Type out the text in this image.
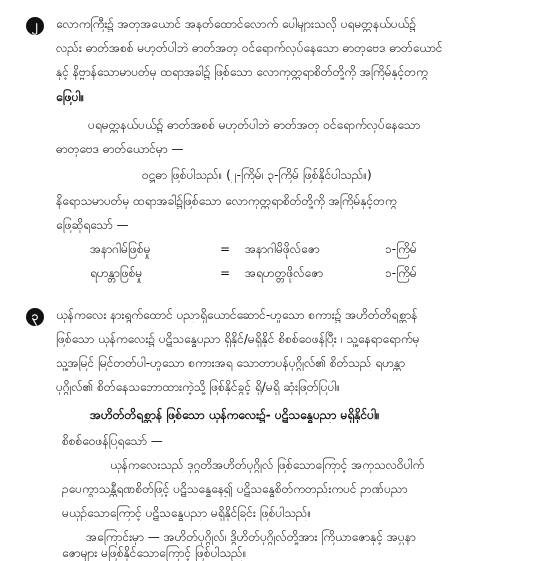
၂	လောကကြီး၌ အတုအယောင် အနတ်ထောင်လောက် ပေါများသလို ပရမတ္တနယ်ပယ်၌
လည်း ဓာတ်အစစ် မဟုတ်ပါဘဲ ဓာတ်အတု ဝင်ရောက်လုပ်နေသော ဓာတုဗေဒ ဓာတ်ယောင်
နှင့် နိဗ္ဗာန်သောမာပတ်မှ ထရာအခါ၌ ဖြစ်သော လောကုတ္တရာစိတ်တို့ကို အကြိမ်နှင့်တကွ
ဖြေပါ။
ပရမတ္တနယ်ပယ်၌ ဓာတ်အစစ် မဟုတ်ပါဘဲ ဓာတ်အတု ဝင်ရောက်လုပ်နေသော
ဓာတုဗေဒ ဓာတ်ယောင်မှာ —
ဝဋ္ဋဓာ ဖြစ်ပါသည်။ (၂-ကြိမ်၊ ၃-ကြိမ် ဖြစ်နိုင်ပါသည်။)
နိရောသမာပတ်မှ ထရာအခါ၌ဖြစ်သော လောကုတ္တရာစိတ်တို့ကို အကြိမ်နှင့်တကွ
ဖြေဆိုရသော် —
အနာဂါမ်ဖြစ်မှု	= အနာဂါမိဖိုလ်ဇော	၁-ကြိမ်
ရဟန္တာဖြစ်မှု	= အရဟတ္တဖိုလ်ဇော	၁-ကြိမ်
၃	ယုန်ကလေး နားရွက်ထောင် ပညာရှိယောင်ဆောင်-ဟူသော စကား၌ အဟိတ်တိရစ္ဆာန်
ဖြစ်သော ယုန်ကလေး၌ ပဋိသန္ဓေပညာ ရှိနိုင်/မရှိနိုင် စိစစ်ဝေဖန်ပြီး ၊ သူ့နေရာရောက်မှ
သူ့အမြင် မြင်တတ်ပါ-ဟူသော စကားအရ သောတာပန်ပုဂ္ဂိုလ်၏ စိတ်သည် ရဟန္တာ
ပုဂ္ဂိုလ်၏ စိတ်နေသဘောထားကဲ့သို့ ဖြစ်နိုင်ခွင့် ရှိ/မရှိ ဆုံးဖြတ်ပြပါ။
အဟိတ်တိရစ္ဆာန် ဖြစ်သော ယုန်ကလေး၌- ပဋိသန္ဓေပညာ မရှိနိုင်ပါ။
စိစစ်ဝေဖန်ပြရသော် —
ယုန်ကလေးသည် ဒုဂ္ဂတိအဟိတ်ပုဂ္ဂိုလ် ဖြစ်သောကြောင့် အကုသလဝိပါက်
ဥပေက္ခာသန္တီရဏစိတ်ဖြင့် ပဋိသန္ဓေနေ၍ ပဋိသန္ဓေစိတ်ကတည်းကပင် ဉာဏ်ပညာ
မယှဉ်သောကြောင့် ပဋိသန္ဓေပညာ မရှိနိုင်ခြင်း ဖြစ်ပါသည်။
အကြောင်းမှာ — အဟိတ်ပုဂ္ဂိုလ်၊ ဒွိဟိတ်ပုဂ္ဂိုလ်တို့အား ကြိယာဇောနှင့် အပ္ပနာ
ဇောများ မဖြစ်နိုင်သောကြောင့် ဖြစ်ပါသည်။
